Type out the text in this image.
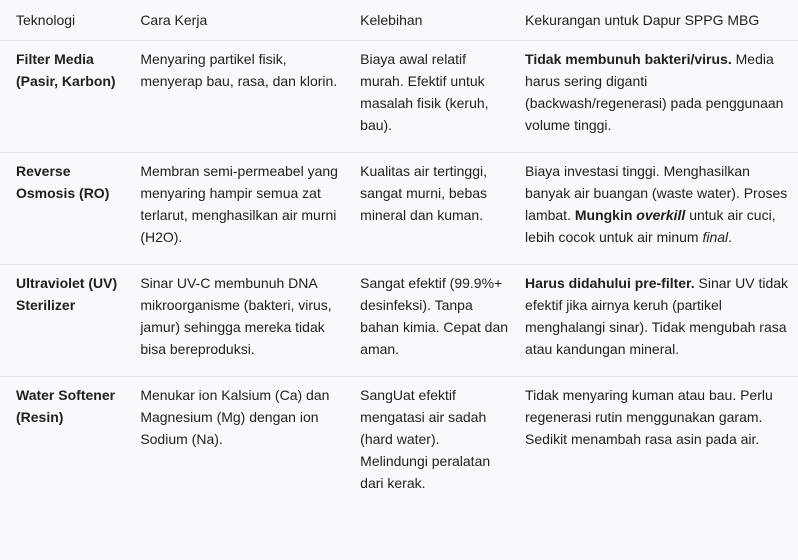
Teknologi	Cara Kerja	Kelebihan	Kekurangan untuk Dapur SPPG MBG
Filter Media (Pasir, Karbon)	Menyaring partikel fisik, menyerap bau, rasa, dan klorin.	Biaya awal relatif murah. Efektif untuk masalah fisik (keruh, bau).	Tidak membunuh bakteri/virus. Media harus sering diganti (backwash/regenerasi) pada penggunaan volume tinggi.
Reverse Osmosis (RO)	Membran semi-permeabel yang menyaring hampir semua zat terlarut, menghasilkan air murni (H2O).	Kualitas air tertinggi, sangat murni, bebas mineral dan kuman.	Biaya investasi tinggi. Menghasilkan banyak air buangan (waste water). Proses lambat. Mungkin overkill untuk air cuci, lebih cocok untuk air minum final.
Ultraviolet (UV) Sterilizer	Sinar UV-C membunuh DNA mikroorganisme (bakteri, virus, jamur) sehingga mereka tidak bisa bereproduksi.	Sangat efektif (99.9%+ desinfeksi). Tanpa bahan kimia. Cepat dan aman.	Harus didahului pre-filter. Sinar UV tidak efektif jika airnya keruh (partikel menghalangi sinar). Tidak mengubah rasa atau kandungan mineral.
Water Softener (Resin)	Menukar ion Kalsium (Ca) dan Magnesium (Mg) dengan ion Sodium (Na).	SangUat efektif mengatasi air sadah (hard water). Melindungi peralatan dari kerak.	Tidak menyaring kuman atau bau. Perlu regenerasi rutin menggunakan garam. Sedikit menambah rasa asin pada air.
